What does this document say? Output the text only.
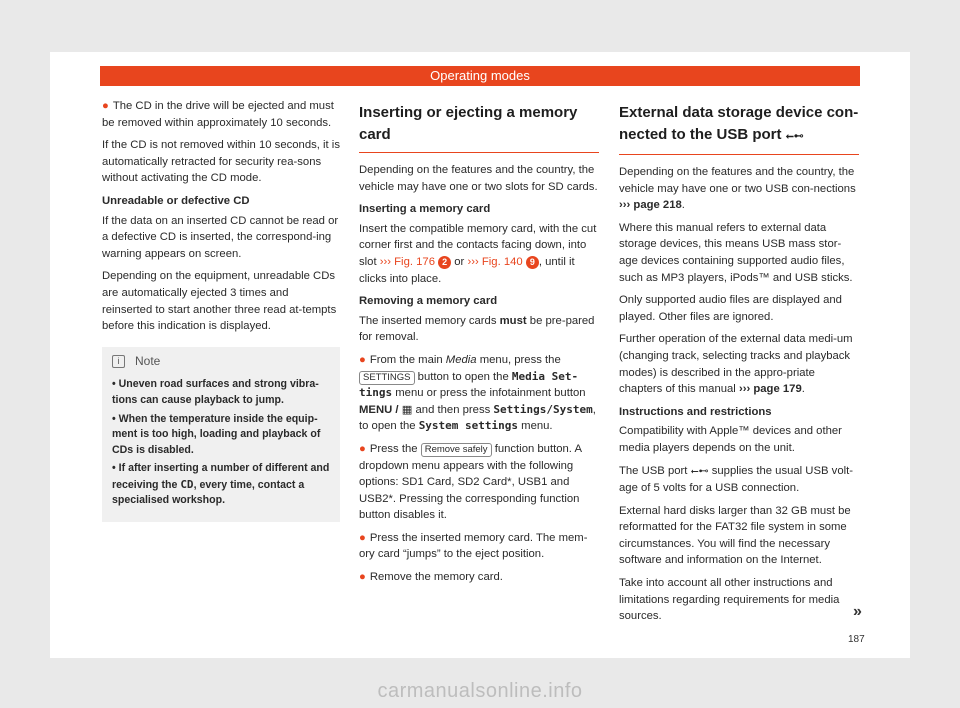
Operating modes

● The CD in the drive will be ejected and must be removed within approximately 10 seconds.

If the CD is not removed within 10 seconds, it is automatically retracted for security rea-sons without activating the CD mode.

Unreadable or defective CD

If the data on an inserted CD cannot be read or a defective CD is inserted, the correspond-ing warning appears on screen.

Depending on the equipment, unreadable CDs are automatically ejected 3 times and reinserted to start another three read at-tempts before this indication is displayed.

i	Note

• Uneven road surfaces and strong vibra-tions can cause playback to jump.

• When the temperature inside the equip-ment is too high, loading and playback of CDs is disabled.

• If after inserting a number of different and receiving the CD, every time, contact a specialised workshop.

Inserting or ejecting a memory card

Depending on the features and the country, the vehicle may have one or two slots for SD cards.

Inserting a memory card

Insert the compatible memory card, with the cut corner first and the contacts facing down, into slot ››› Fig. 176 2 or ››› Fig. 140 9 , until it clicks into place.

Removing a memory card

The inserted memory cards must be pre-pared for removal.

● From the main Media menu, press the SETTINGS button to open the Media Set-tings menu or press the infotainment button MENU / ▦ and then press Settings/System, to open the System settings menu.

● Press the Remove safely function button. A dropdown menu appears with the following options: SD1 Card, SD2 Card*, USB1 and USB2*. Pressing the corresponding function button disables it.

● Press the inserted memory card. The mem-ory card “jumps” to the eject position.

● Remove the memory card.

External data storage device con-nected to the USB port ⭠⊷

Depending on the features and the country, the vehicle may have one or two USB con-nections ››› page 218.

Where this manual refers to external data storage devices, this means USB mass stor-age devices containing supported audio files, such as MP3 players, iPods™ and USB sticks.

Only supported audio files are displayed and played. Other files are ignored.

Further operation of the external data medi-um (changing track, selecting tracks and playback modes) is described in the appro-priate chapters of this manual ››› page 179.

Instructions and restrictions

Compatibility with Apple™ devices and other media players depends on the unit.

The USB port ⭠⊷ supplies the usual USB volt-age of 5 volts for a USB connection.

External hard disks larger than 32 GB must be reformatted for the FAT32 file system in some circumstances. You will find the necessary software and information on the Internet.

Take into account all other instructions and limitations regarding requirements for media sources.	»
187
carmanualsonline.info
